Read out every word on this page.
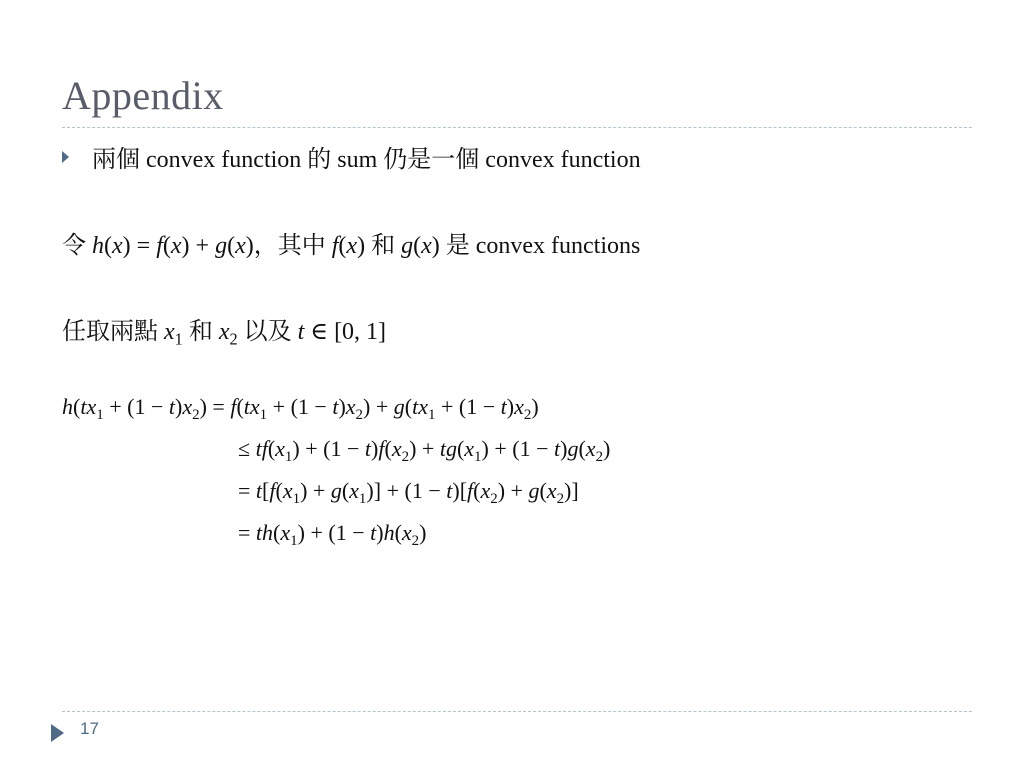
Appendix
兩個 convex function 的 sum 仍是一個 convex function
令 h(x) = f(x) + g(x)，其中 f(x) 和 g(x) 是 convex functions
任取兩點 $x_1$ 和 $x_2$ 以及 t ∈ [0, 1]
$h(tx_1 + (1 - t)x_2) = f(tx_1 + (1 - t)x_2) + g(tx_1 + (1 - t)x_2)$
≤ $tf(x_1) + (1 - t)f(x_2) + tg(x_1) + (1 - t)g(x_2)$
= $t[f(x_1) + g(x_1)] + (1 - t)[f(x_2) + g(x_2)]$
= $th(x_1) + (1 - t)h(x_2)$
17
